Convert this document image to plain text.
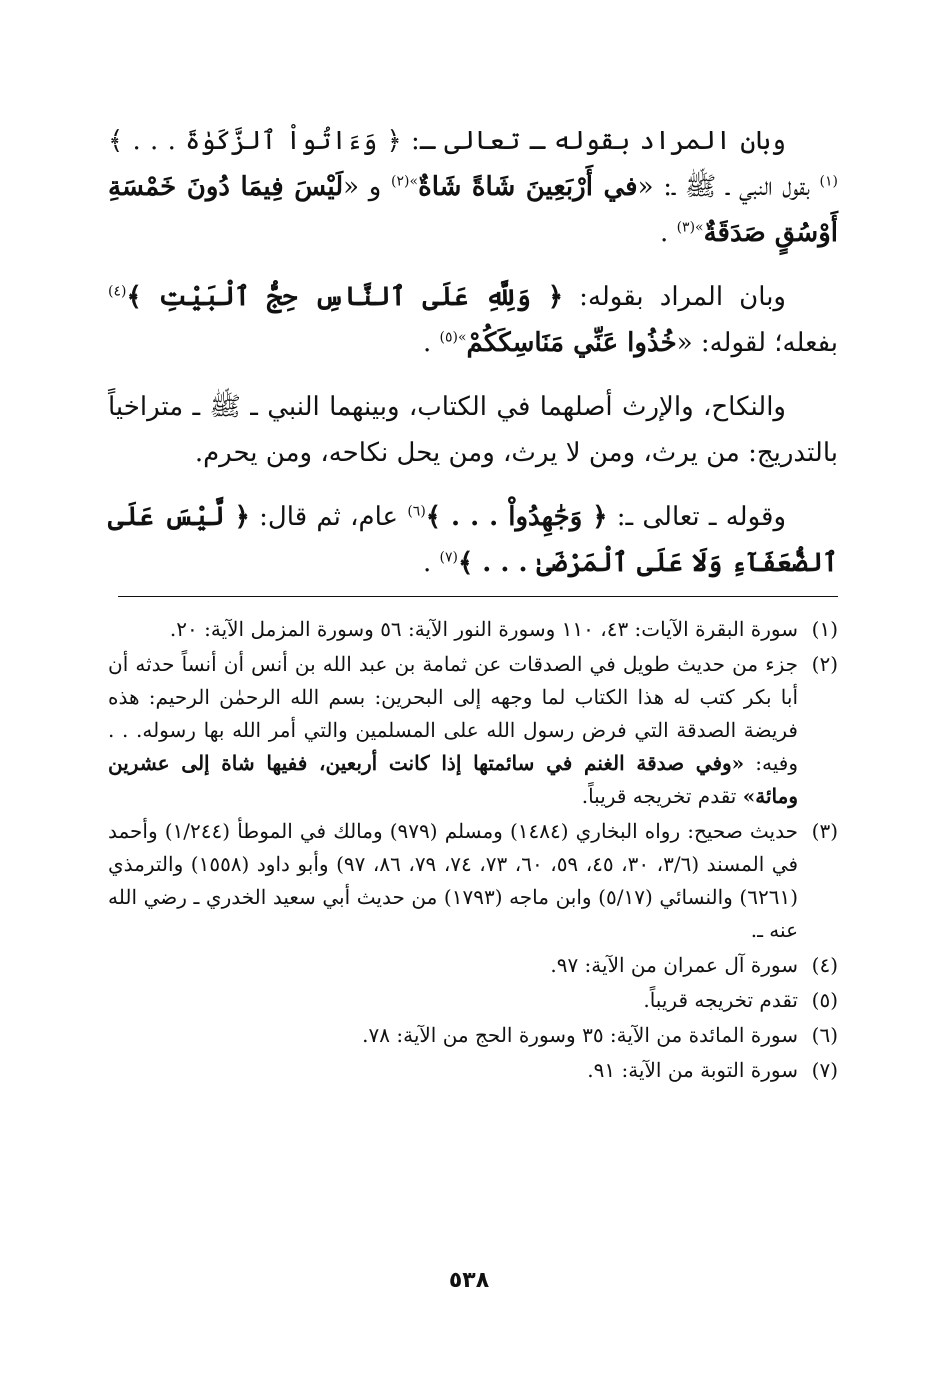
وبان المراد بقوله ـ تعالى ـ: ﴿ وَءَاتُواْ ٱلزَّكَوٰةَ . . . ﴾$^{(١)}$ بقول النبي ـ ﷺ ـ: «في أَرْبَعِينَ شَاةً شَاةٌ$^{»(٢)}$ و «لَيْسَ فِيمَا دُونَ خَمْسَةِ أَوْسُقٍ صَدَقَةٌ$^{»(٣)}$ .

وبان المراد بقوله: ﴿ وَلِلَّهِ عَلَى ٱلنَّاسِ حِجُّ ٱلْبَيْتِ ﴾$^{(٤)}$ بفعله؛ لقوله: «خُذُوا عَنِّي مَنَاسِكَكُمْ$^{»(٥)}$ .

والنكاح، والإرث أصلهما في الكتاب، وبينهما النبي ـ ﷺ ـ متراخياً بالتدريج: من يرث، ومن لا يرث، ومن يحل نكاحه، ومن يحرم.

وقوله ـ تعالى ـ: ﴿ وَجَٰهِدُواْ . . . ﴾$^{(٦)}$ عام، ثم قال: ﴿ لَّيْسَ عَلَى ٱلضُّعَفَآءِ وَلَا عَلَى ٱلْمَرْضَىٰ . . . ﴾$^{(٧)}$ .

(١)
سورة البقرة الآيات: ٤٣، ١١٠ وسورة النور الآية: ٥٦ وسورة المزمل الآية: ٢٠.
(٢)
جزء من حديث طويل في الصدقات عن ثمامة بن عبد الله بن أنس أن أنساً حدثه أن أبا بكر كتب له هذا الكتاب لما وجهه إلى البحرين: بسم الله الرحمٰن الرحيم: هذه فريضة الصدقة التي فرض رسول الله على المسلمين والتي أمر الله بها رسوله. . . وفيه: «وفي صدقة الغنم في سائمتها إذا كانت أربعين، ففيها شاة إلى عشرين ومائة» تقدم تخريجه قريباً.
(٣)
حديث صحيح: رواه البخاري (١٤٨٤) ومسلم (٩٧٩) ومالك في الموطأ (١/٢٤٤) وأحمد في المسند (٣/٦، ٣٠، ٤٥، ٥٩، ٦٠، ٧٣، ٧٤، ٧٩، ٨٦، ٩٧) وأبو داود (١٥٥٨) والترمذي (٦٢٦١) والنسائي (٥/١٧) وابن ماجه (١٧٩٣) من حديث أبي سعيد الخدري ـ رضي الله عنه ـ.
(٤)
سورة آل عمران من الآية: ٩٧.
(٥)
تقدم تخريجه قريباً.
(٦)
سورة المائدة من الآية: ٣٥ وسورة الحج من الآية: ٧٨.
(٧)
سورة التوبة من الآية: ٩١.
٥٣٨
